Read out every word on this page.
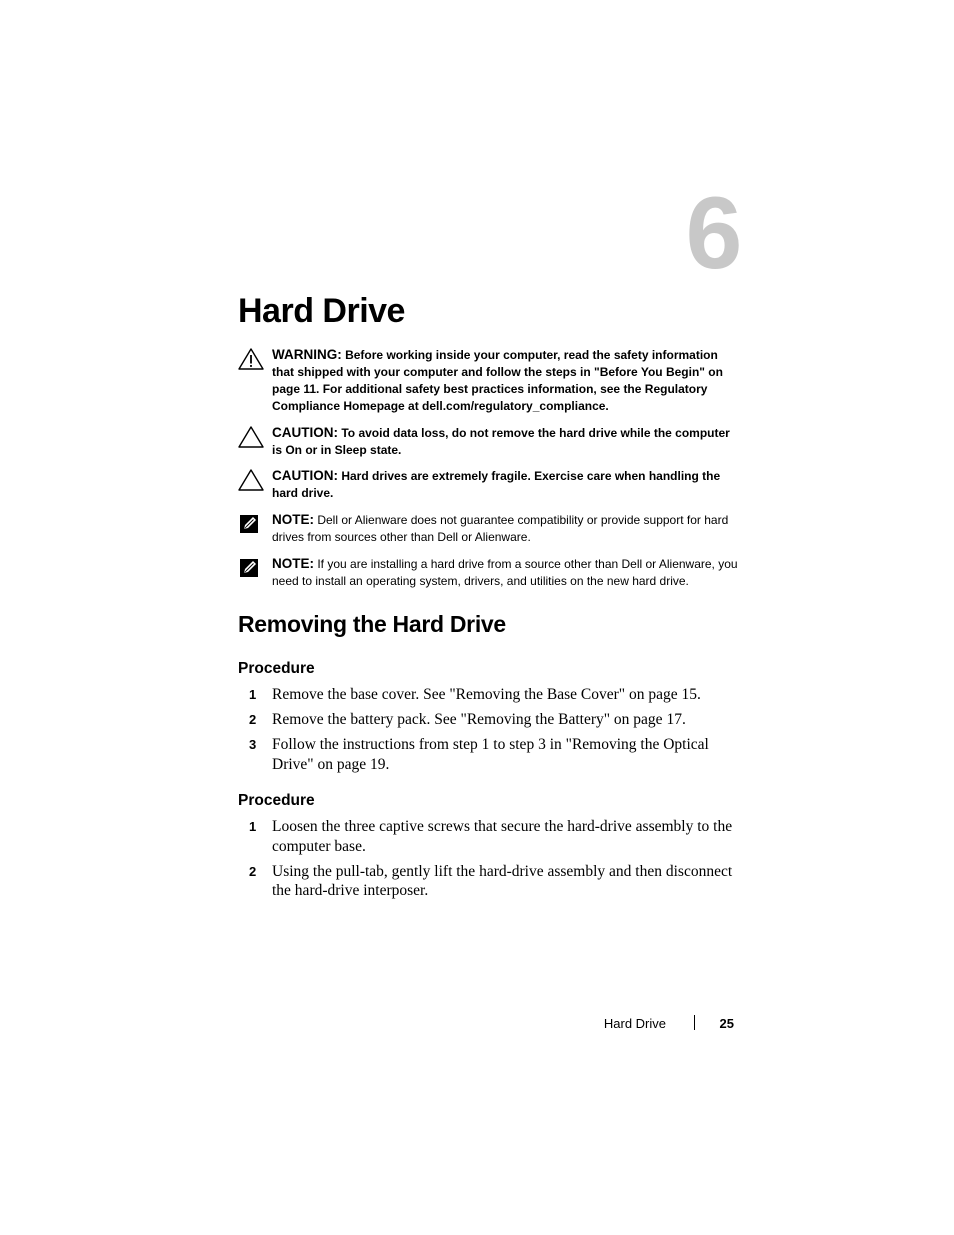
6
Hard Drive
WARNING: Before working inside your computer, read the safety information that shipped with your computer and follow the steps in "Before You Begin" on page 11. For additional safety best practices information, see the Regulatory Compliance Homepage at dell.com/regulatory_compliance.
CAUTION: To avoid data loss, do not remove the hard drive while the computer is On or in Sleep state.
CAUTION: Hard drives are extremely fragile. Exercise care when handling the hard drive.
NOTE: Dell or Alienware does not guarantee compatibility or provide support for hard drives from sources other than Dell or Alienware.
NOTE: If you are installing a hard drive from a source other than Dell or Alienware, you need to install an operating system, drivers, and utilities on the new hard drive.
Removing the Hard Drive
Procedure
1 Remove the base cover. See "Removing the Base Cover" on page 15.
2 Remove the battery pack. See "Removing the Battery" on page 17.
3 Follow the instructions from step 1 to step 3 in "Removing the Optical Drive" on page 19.
Procedure
1 Loosen the three captive screws that secure the hard-drive assembly to the computer base.
2 Using the pull-tab, gently lift the hard-drive assembly and then disconnect the hard-drive interposer.
Hard Drive	25
